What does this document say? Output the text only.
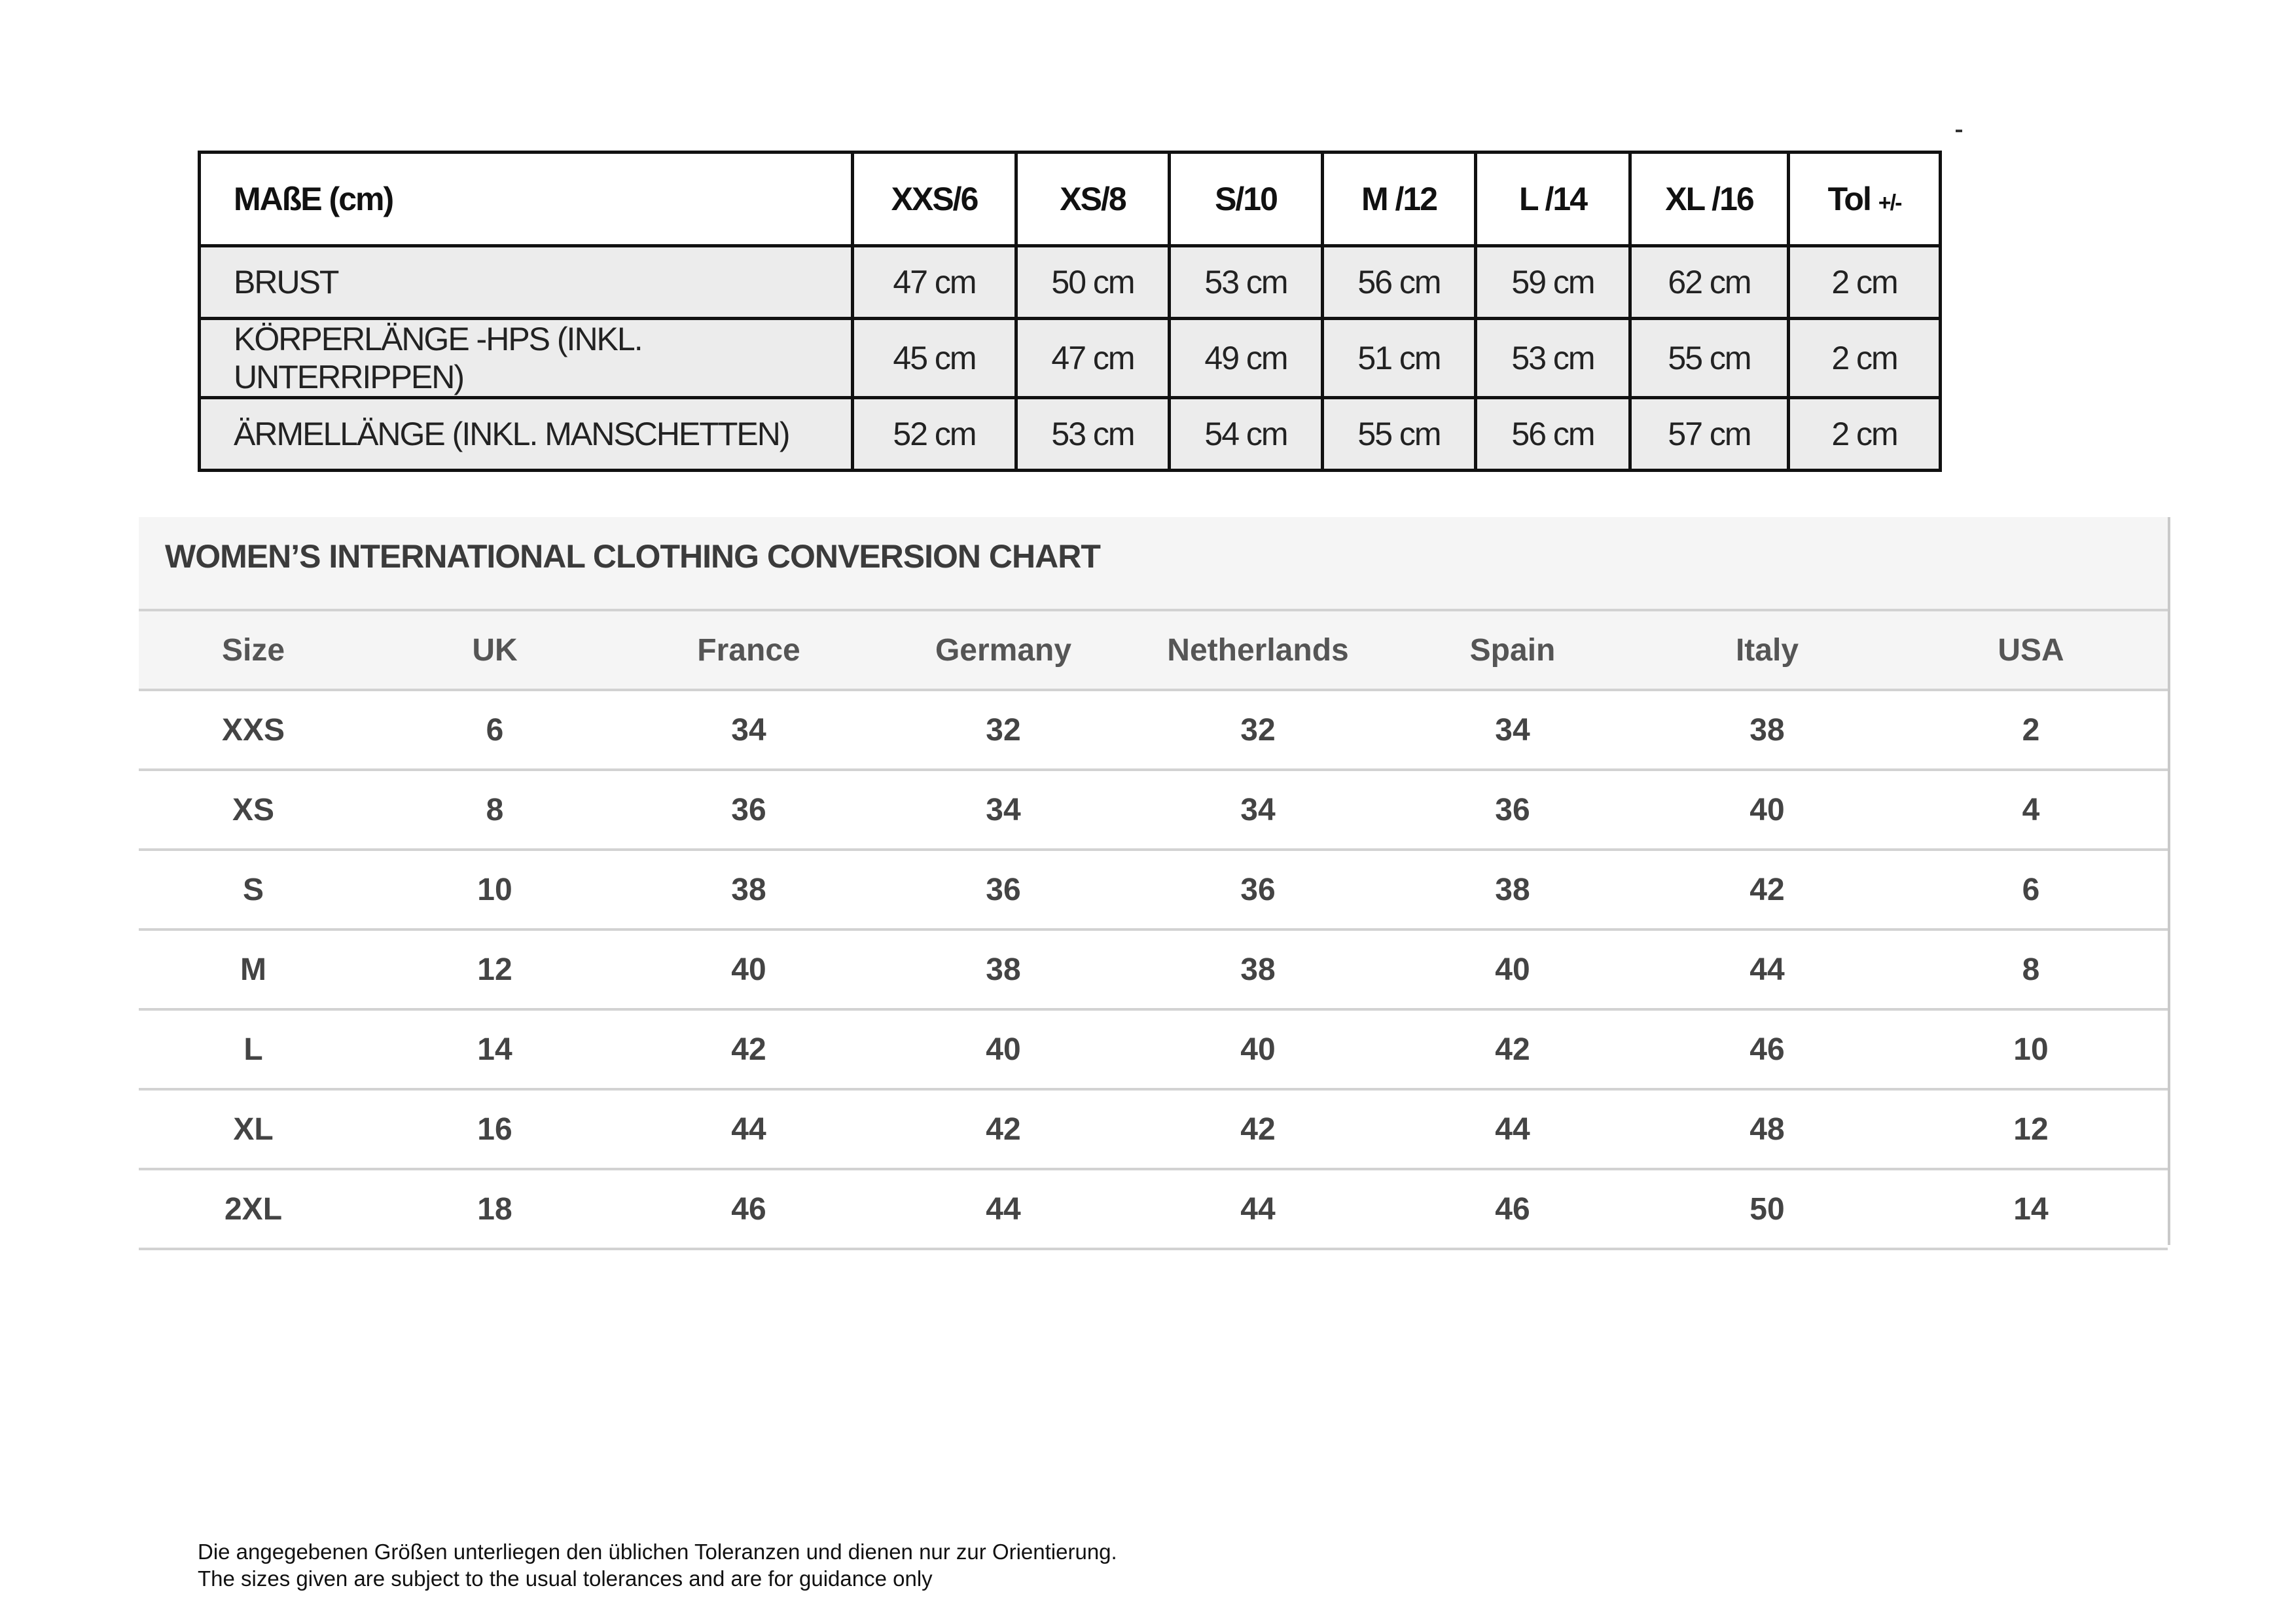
MAßE (cm)	XXS/6	XS/8	S/10	M /12	L /14	XL /16	Tol +/-
BRUST	47 cm	50 cm	53 cm	56 cm	59 cm	62 cm	2 cm
KÖRPERLÄNGE -HPS (INKL. UNTERRIPPEN)	45 cm	47 cm	49 cm	51 cm	53 cm	55 cm	2 cm
ÄRMELLÄNGE (INKL. MANSCHETTEN)	52 cm	53 cm	54 cm	55 cm	56 cm	57 cm	2 cm
WOMEN’S INTERNATIONAL CLOTHING CONVERSION CHART
Size	UK	France	Germany	Netherlands	Spain	Italy	USA
XXS	6	34	32	32	34	38	2
XS	8	36	34	34	36	40	4
S	10	38	36	36	38	42	6
M	12	40	38	38	40	44	8
L	14	42	40	40	42	46	10
XL	16	44	42	42	44	48	12
2XL	18	46	44	44	46	50	14
Die angegebenen Größen unterliegen den üblichen Toleranzen und dienen nur zur Orientierung.
The sizes given are subject to the usual tolerances and are for guidance only
